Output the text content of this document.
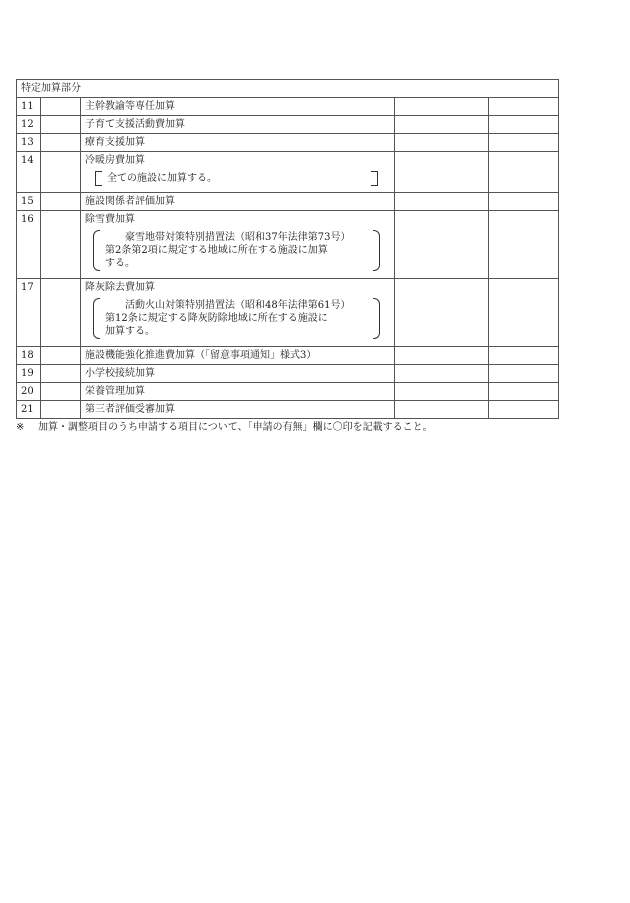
特定加算部分				
11		主幹教諭等専任加算		
12		子育て支援活動費加算		
13		療育支援加算		
14		冷暖房費加算
全ての施設に加算する。		

15		施設関係者評価加算		
16		除雪費加算
豪雪地帯対策特別措置法（昭和37年法律第73号）
第2条第2項に規定する地域に所在する施設に加算
する。		

17		降灰除去費加算
活動火山対策特別措置法（昭和48年法律第61号）
第12条に規定する降灰防除地域に所在する施設に
加算する。		

18		施設機能強化推進費加算（「留意事項通知」様式3）		
19		小学校接続加算		
20		栄養管理加算		
21		第三者評価受審加算		
※ 加算・調整項目のうち申請する項目について、「申請の有無」欄に〇印を記載すること。
